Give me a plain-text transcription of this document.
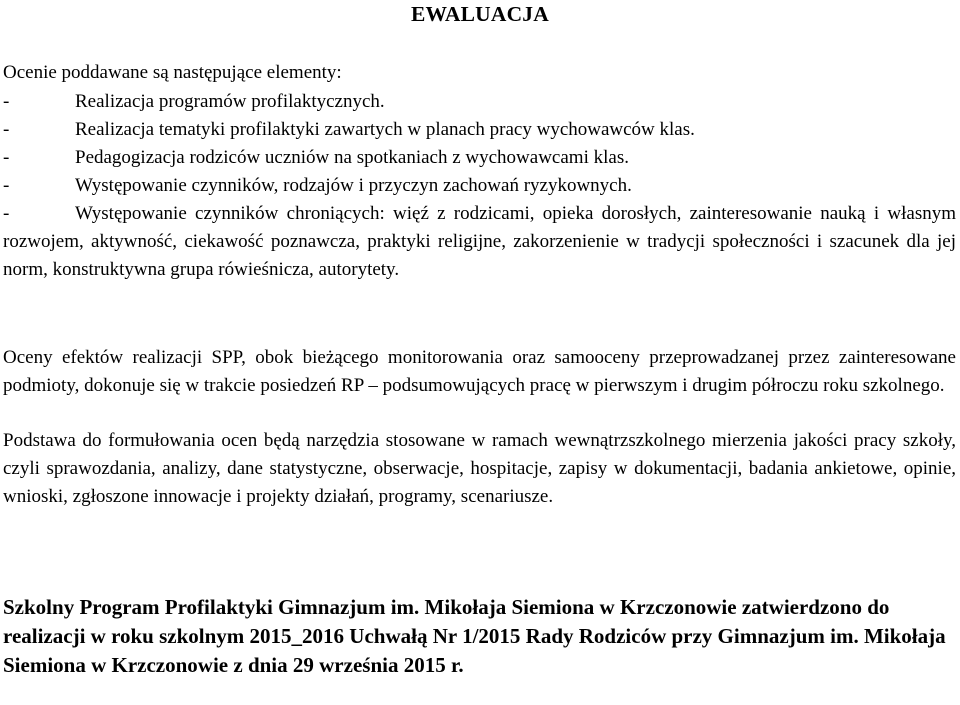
EWALUACJA
Ocenie poddawane są następujące elementy:
-	Realizacja programów profilaktycznych.
-	Realizacja tematyki profilaktyki zawartych w planach pracy wychowawców klas.
-	Pedagogizacja rodziców uczniów na spotkaniach z wychowawcami klas.
-	Występowanie czynników, rodzajów i przyczyn zachowań ryzykownych.
-	Występowanie czynników chroniących: więź z rodzicami, opieka dorosłych, zainteresowanie nauką i własnym rozwojem, aktywność, ciekawość poznawcza, praktyki religijne, zakorzenienie w tradycji społeczności i szacunek dla jej norm, konstruktywna grupa rówieśnicza, autorytety.
Oceny efektów realizacji SPP, obok bieżącego monitorowania oraz samooceny przeprowadzanej przez zainteresowane podmioty, dokonuje się w trakcie posiedzeń RP – podsumowujących pracę w pierwszym i drugim półroczu roku szkolnego.
Podstawa do formułowania ocen będą narzędzia stosowane w ramach wewnątrzszkolnego mierzenia jakości pracy szkoły, czyli sprawozdania, analizy, dane statystyczne, obserwacje, hospitacje, zapisy w dokumentacji, badania ankietowe, opinie, wnioski, zgłoszone innowacje i projekty działań, programy, scenariusze.
Szkolny Program Profilaktyki Gimnazjum im. Mikołaja Siemiona w Krzczonowie zatwierdzono do realizacji w roku szkolnym 2015_2016 Uchwałą Nr 1/2015 Rady Rodziców przy Gimnazjum im. Mikołaja Siemiona w Krzczonowie z dnia 29 września 2015 r.
